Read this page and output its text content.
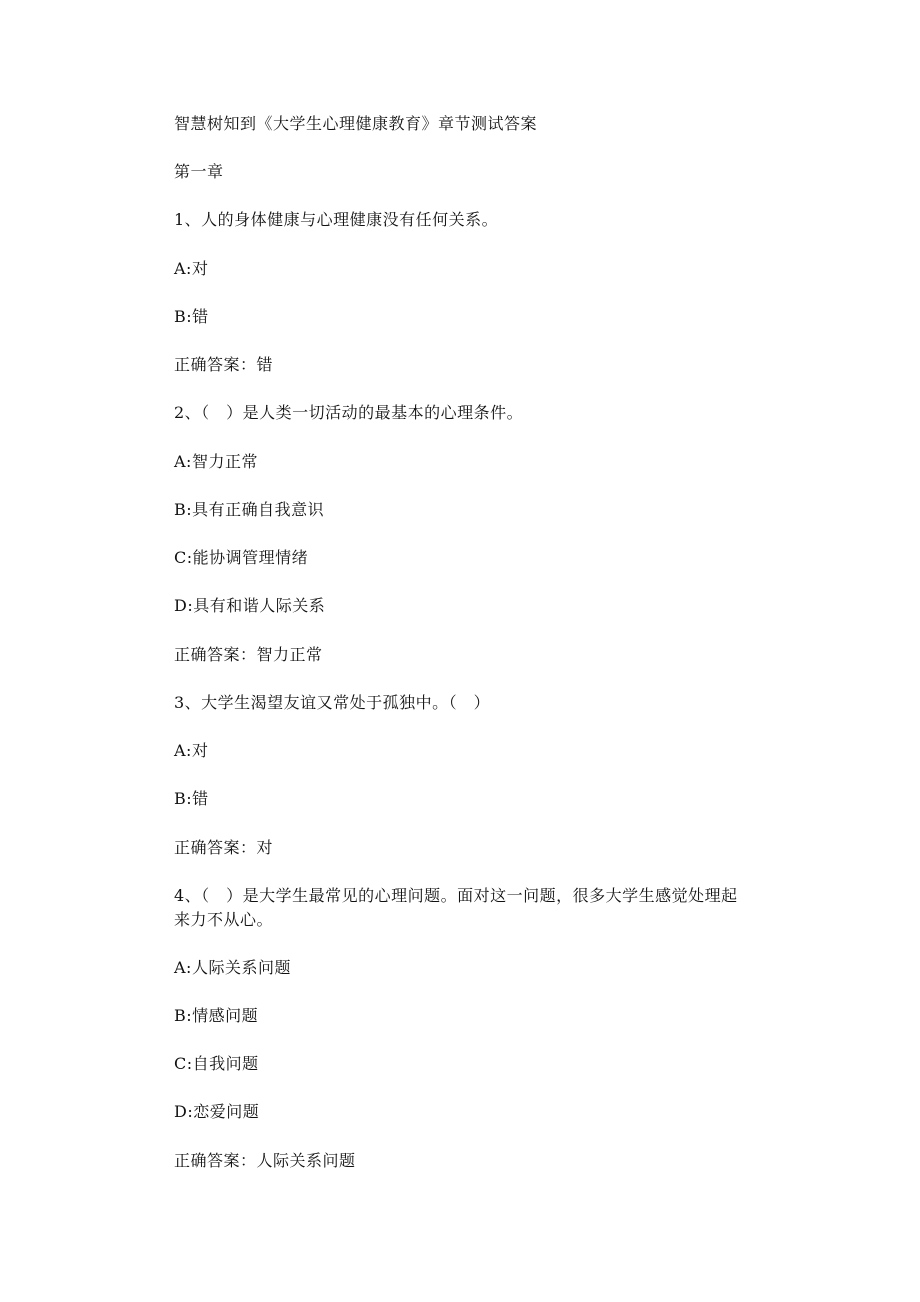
智慧树知到《大学生心理健康教育》章节测试答案
第一章
1、人的身体健康与心理健康没有任何关系。
A:对
B:错
正确答案：错
2、（　）是人类一切活动的最基本的心理条件。
A:智力正常
B:具有正确自我意识
C:能协调管理情绪
D:具有和谐人际关系
正确答案：智力正常
3、大学生渴望友谊又常处于孤独中。（　）
A:对
B:错
正确答案：对
4、（　）是大学生最常见的心理问题。面对这一问题，很多大学生感觉处理起来力不从心。
A:人际关系问题
B:情感问题
C:自我问题
D:恋爱问题
正确答案：人际关系问题
